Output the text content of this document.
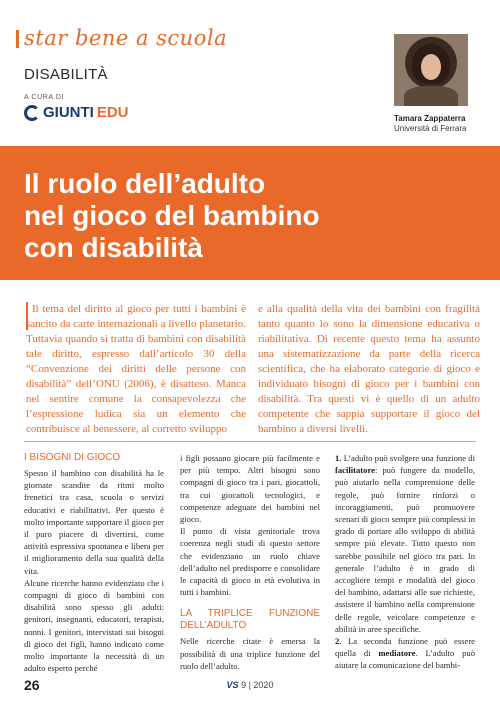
star bene a scuola
DISABILITÀ
A CURA DI
GIUNTI EDU	Tamara Zappaterra
Università di Ferrara
Il ruolo dell’adulto
nel gioco del bambino
con disabilità
Il tema del diritto al gioco per tutti i bambini è sancito da carte internazionali a livello planetario. Tuttavia quando si tratta di bambini con disabilità tale diritto, espresso dall’articolo 30 della “Convenzione dei diritti delle persone con disabilità” dell’ONU (2006), è disatteso. Manca nel sentire comune la consapevolezza che l’espressione ludica sia un elemento che contribuisce al benessere, al corretto sviluppo
e alla qualità della vita dei bambini con fragilità tanto quanto lo sono la dimensione educativa o riabilitativa. Di recente questo tema ha assunto una sistematizzazione da parte della ricerca scientifica, che ha elaborato categorie di gioco e individuato bisogni di gioco per i bambini con disabilità. Tra questi vi è quello di un adulto competente che sappia supportare il gioco del bambino a diversi livelli.
I BISOGNI DI GIOCO

Spesso il bambino con disabilità ha le giornate scandite da ritmi molto frenetici tra casa, scuola o servizi educativi e riabilitativi. Per questo è molto importante supportare il gioco per il puro piacere di divertirsi, come attività espressiva spontanea e libera per il miglioramento della sua qualità della vita.

Alcune ricerche hanno evidenziato che i compagni di gioco di bambini con disabilità sono spesso gli adulti: genitori, insegnanti, educatori, terapisti, nonni. I genitori, intervistati sui bisogni di gioco dei figli, hanno indicato come molto importante la necessità di un adulto esperto perché

i figli possano giocare più facilmente e per più tempo. Altri bisogni sono compagni di gioco tra i pari, giocattoli, tra cui giocattoli tecnologici, e competenze adeguate dei bambini nel gioco.

Il punto di vista genitoriale trova coerenza negli studi di questo settore che evidenziano un ruolo chiave dell’adulto nel predisporre e consolidare le capacità di gioco in età evolutiva in tutti i bambini.

LA TRIPLICE FUNZIONE DELL’ADULTO

Nelle ricerche citate è emersa la possibilità di una triplice funzione del ruolo dell’adulto.

1. L’adulto può svolgere una funzione di facilitatore: può fungere da modello, può aiutarlo nella comprensione delle regole, può fornire rinforzi o incoraggiamenti, può promuovere scenari di gioco sempre più complessi in grado di portare allo sviluppo di abilità sempre più elevate. Tutto questo non sarebbe possibile nel gioco tra pari. In generale l’adulto è in grado di accogliere tempi e modalità del gioco del bambino, adattarsi alle sue richieste, assistere il bambino nella comprensione delle regole, veicolare competenze e abilità in aree specifiche.

2. La seconda funzione può essere quella di mediatore. L’adulto può aiutare la comunicazione del bambi-

26	VS 9 | 2020
